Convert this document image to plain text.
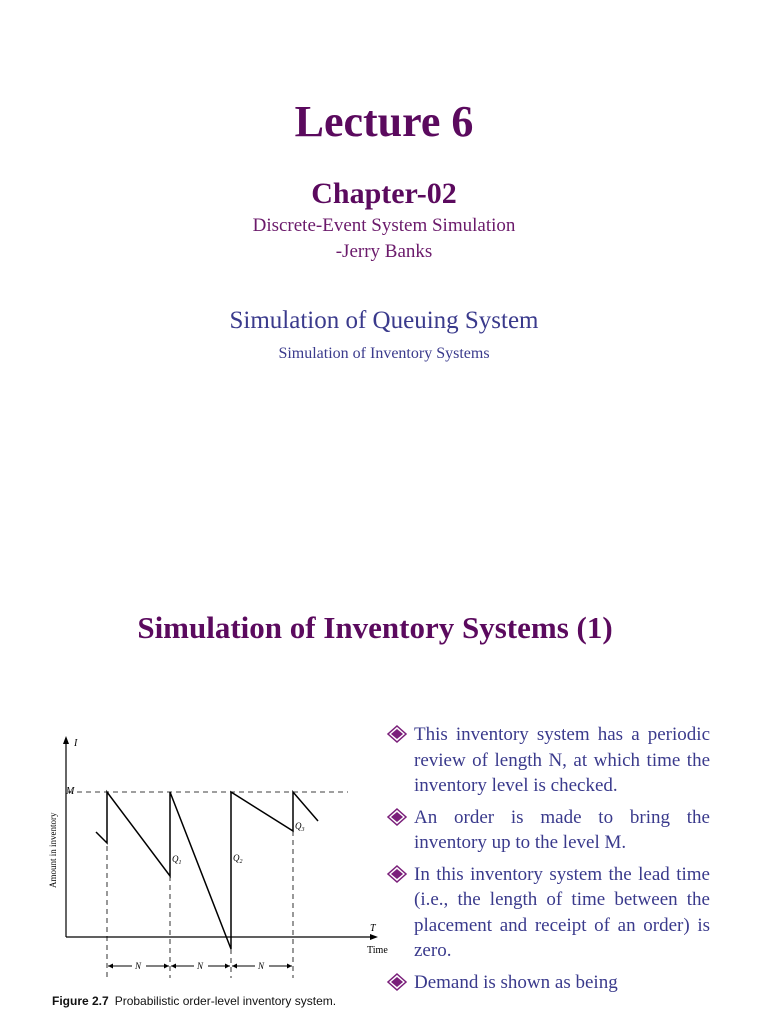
Lecture 6
Chapter-02
Discrete-Event System Simulation
-Jerry Banks
Simulation of Queuing System
Simulation of Inventory Systems
Simulation of Inventory Systems (1)
I
T
Time
Amount in inventory
M
$Q_1$	$Q_2$
$Q_3$
N	N	N
Figure 2.7 Probabilistic order-level inventory system.
This inventory system has a periodic review of length N, at which time the inventory level is checked.
An order is made to bring the inventory up to the level M.
In this inventory system the lead time (i.e., the length of time between the placement and receipt of an order) is zero.
Demand is shown as being
